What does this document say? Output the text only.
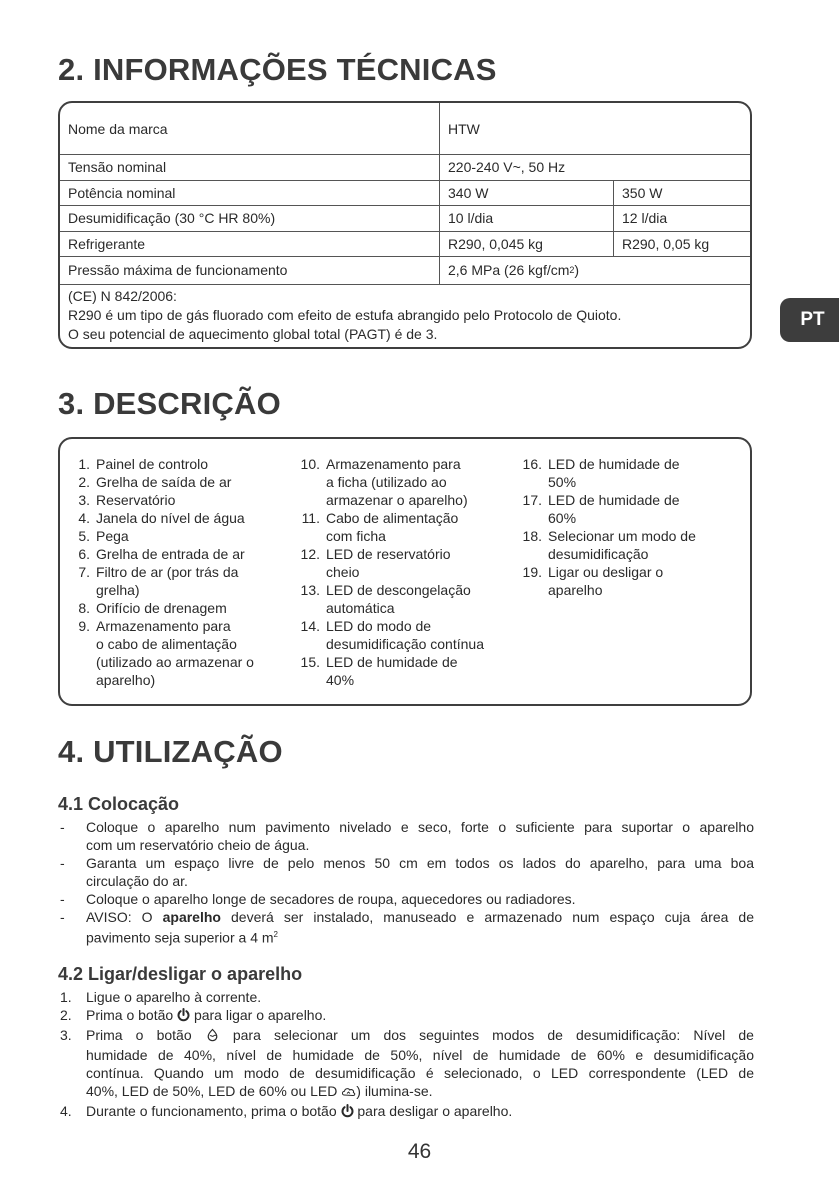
2. INFORMAÇÕES TÉCNICAS
Nome da marca	HTW
Tensão nominal	220-240 V~, 50 Hz
Potência nominal	340 W	350 W
Desumidificação (30 °C HR 80%)	10 l/dia	12 l/dia
Refrigerante	R290, 0,045 kg	R290, 0,05 kg
Pressão máxima de funcionamento	2,6 MPa (26 kgf/cm 2 )
(CE) N 842/2006:
R290 é um tipo de gás fluorado com efeito de estufa abrangido pelo Protocolo de Quioto.
O seu potencial de aquecimento global total (PAGT) é de 3.
PT
3. DESCRIÇÃO
1. Painel de controlo
2. Grelha de saída de ar
3. Reservatório
4. Janela do nível de água
5. Pega
6. Grelha de entrada de ar
7. Filtro de ar (por trás da
grelha)
8. Orifício de drenagem
9. Armazenamento para
o cabo de alimentação
(utilizado ao armazenar o
aparelho)
10. Armazenamento para
a ficha (utilizado ao
armazenar o aparelho)
11. Cabo de alimentação
com ficha
12. LED de reservatório
cheio
13. LED de descongelação
automática
14. LED do modo de
desumidificação contínua
15. LED de humidade de
40%
16. LED de humidade de
50%
17. LED de humidade de
60%
18. Selecionar um modo de
desumidificação
19. Ligar ou desligar o
aparelho
4. UTILIZAÇÃO
4.1 Colocação
- Coloque o aparelho num pavimento nivelado e seco, forte o suficiente para suportar o aparelho
com um reservatório cheio de água.
- Garanta um espaço livre de pelo menos 50 cm em todos os lados do aparelho, para uma boa
circulação do ar.
- Coloque o aparelho longe de secadores de roupa, aquecedores ou radiadores.
- AVISO: O aparelho deverá ser instalado, manuseado e armazenado num espaço cuja área de
pavimento seja superior a 4 $m^2$
4.2 Ligar/desligar o aparelho
1. Ligue o aparelho à corrente.
2. Prima o botão  para ligar o aparelho.
3. Prima o botão  para selecionar um dos seguintes modos de desumidificação: Nível de
humidade de 40%, nível de humidade de 50%, nível de humidade de 60% e desumidificação
contínua. Quando um modo de desumidificação é selecionado, o LED correspondente (LED de
40%, LED de 50%, LED de 60% ou LED ) ilumina-se.
4. Durante o funcionamento, prima o botão  para desligar o aparelho.
46
